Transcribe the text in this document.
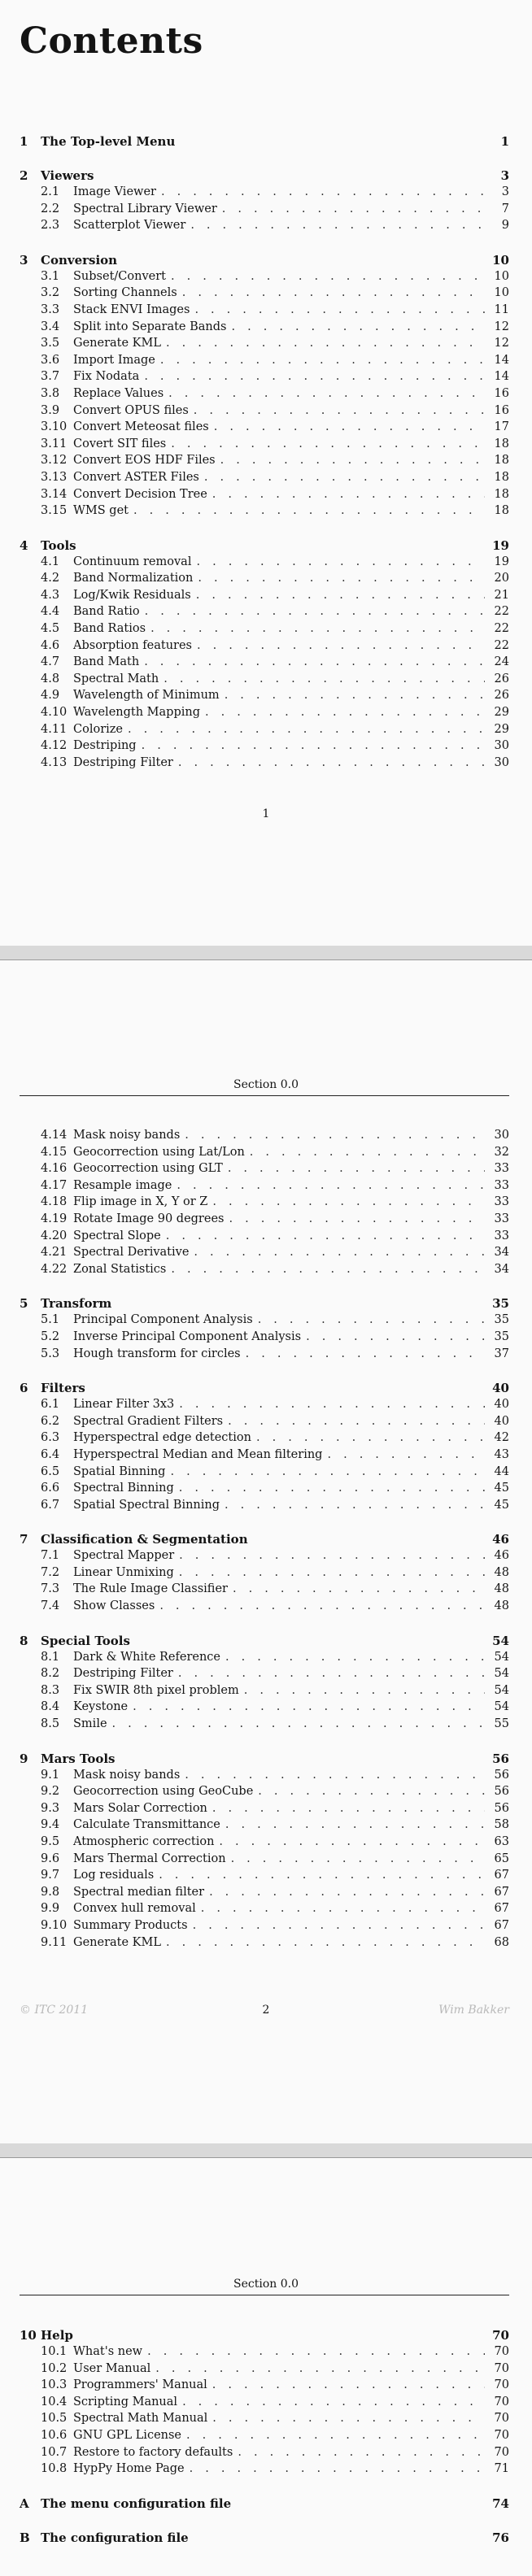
Contents
1	The Top-level Menu	1
2	Viewers	3
2.1	Image Viewer . . .	3
2.2	Spectral Library Viewer . . .	7
2.3	Scatterplot Viewer . . .	9
3	Conversion	10
3.1	Subset/Convert . . .	10
3.2	Sorting Channels . . .	10
3.3	Stack ENVI Images . . .	11
3.4	Split into Separate Bands . . .	12
3.5	Generate KML . . .	12
3.6	Import Image . . .	14
3.7	Fix Nodata . . .	14
3.8	Replace Values . . .	16
3.9	Convert OPUS files . . .	16
3.10 Convert Meteosat files . . .	17
3.11 Covert SIT files . . .	18
3.12 Convert EOS HDF Files . . .	18
3.13 Convert ASTER Files . . .	18
3.14 Convert Decision Tree . . .	18
3.15 WMS get . . .	18
4	Tools	19
4.1	Continuum removal . . .	19
4.2	Band Normalization . . .	20
4.3	Log/Kwik Residuals . . .	21
4.4	Band Ratio . . .	22
4.5	Band Ratios . . .	22
4.6	Absorption features . . .	22
4.7	Band Math . . .	24
4.8	Spectral Math . . .	26
4.9	Wavelength of Minimum . . .	26
4.10 Wavelength Mapping . . .	29
4.11 Colorize . . .	29
4.12 Destriping . . .	30
4.13 Destriping Filter . . .	30
1
Section 0.0
4.14 Mask noisy bands . . .	30
4.15 Geocorrection using Lat/Lon . . .	32
4.16 Geocorrection using GLT . . .	33
4.17 Resample image . . .	33
4.18 Flip image in X, Y or Z . . .	33
4.19 Rotate Image 90 degrees . . .	33
4.20 Spectral Slope . . .	33
4.21 Spectral Derivative . . .	34
4.22 Zonal Statistics . . .	34
5	Transform	35
5.1	Principal Component Analysis . . .	35
5.2	Inverse Principal Component Analysis . . .	35
5.3	Hough transform for circles . . .	37
6	Filters	40
6.1	Linear Filter 3x3 . . .	40
6.2	Spectral Gradient Filters . . .	40
6.3	Hyperspectral edge detection . . .	42
6.4	Hyperspectral Median and Mean filtering . . .	43
6.5	Spatial Binning . . .	44
6.6	Spectral Binning . . .	45
6.7	Spatial Spectral Binning . . .	45
7	Classification & Segmentation	46
7.1	Spectral Mapper . . .	46
7.2	Linear Unmixing . . .	48
7.3	The Rule Image Classifier . . .	48
7.4	Show Classes . . .	48
8	Special Tools	54
8.1	Dark & White Reference . . .	54
8.2	Destriping Filter . . .	54
8.3	Fix SWIR 8th pixel problem . . .	54
8.4	Keystone . . .	54
8.5	Smile . . .	55
9	Mars Tools	56
9.1	Mask noisy bands . . .	56
9.2	Geocorrection using GeoCube . . .	56
9.3	Mars Solar Correction . . .	56
9.4	Calculate Transmittance . . .	58
9.5	Atmospheric correction . . .	63
9.6	Mars Thermal Correction . . .	65
9.7	Log residuals . . .	67
9.8	Spectral median filter . . .	67
9.9	Convex hull removal . . .	67
9.10 Summary Products . . .	67
9.11 Generate KML . . .	68
© ITC 2011	2	Wim Bakker
Section 0.0
10 Help	70
10.1 What's new . . .	70
10.2 User Manual . . .	70
10.3 Programmers' Manual . . .	70
10.4 Scripting Manual . . .	70
10.5 Spectral Math Manual . . .	70
10.6 GNU GPL License . . .	70
10.7 Restore to factory defaults . . .	70
10.8 HypPy Home Page . . .	71
A The menu configuration file	74
B The configuration file	76
